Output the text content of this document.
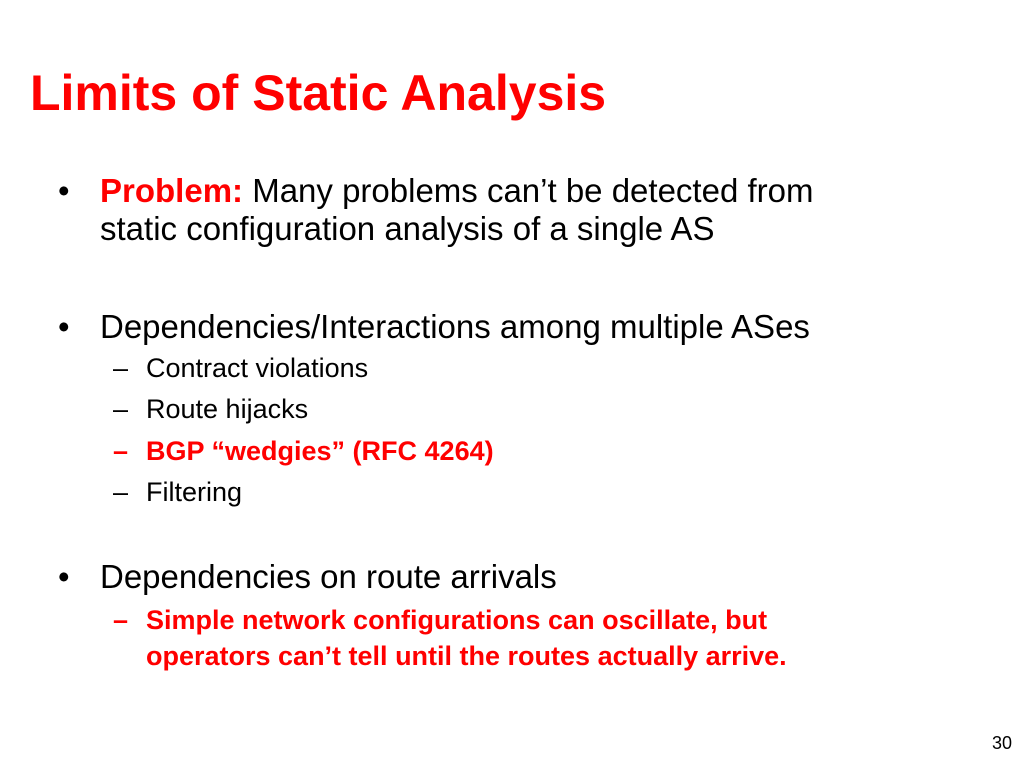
Limits of Static Analysis
• Problem: Many problems can’t be detected from
static configuration analysis of a single AS
• Dependencies/Interactions among multiple ASes
– Contract violations
– Route hijacks
– BGP “wedgies” (RFC 4264)
– Filtering
• Dependencies on route arrivals
– Simple network configurations can oscillate, but
operators can’t tell until the routes actually arrive.
30
